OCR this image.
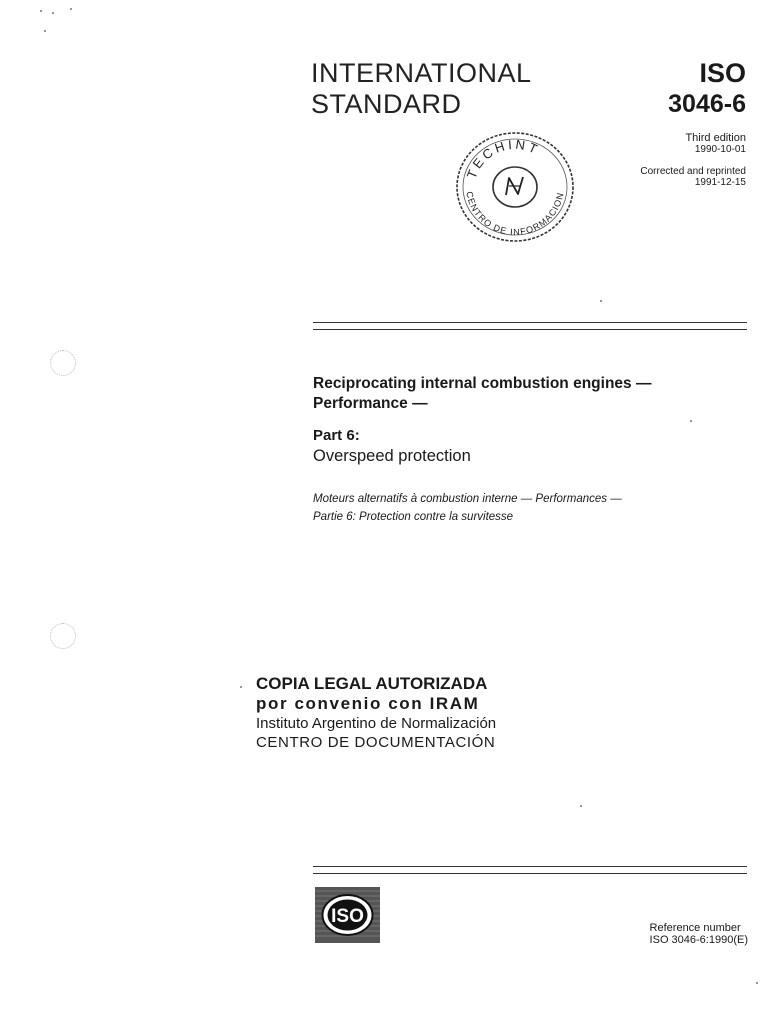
INTERNATIONAL
STANDARD
ISO
3046-6
Third edition
1990-10-01
Corrected and reprinted
1991-12-15
TECHINT
CENTRO DE INFORMACION
Reciprocating internal combustion engines —
Performance —
Part 6:
Overspeed protection
Moteurs alternatifs à combustion interne — Performances —
Partie 6: Protection contre la survitesse
COPIA LEGAL AUTORIZADA
por convenio con IRAM
Instituto Argentino de Normalización
CENTRO DE DOCUMENTACIÓN
ISO
Reference number
ISO 3046-6:1990(E)
